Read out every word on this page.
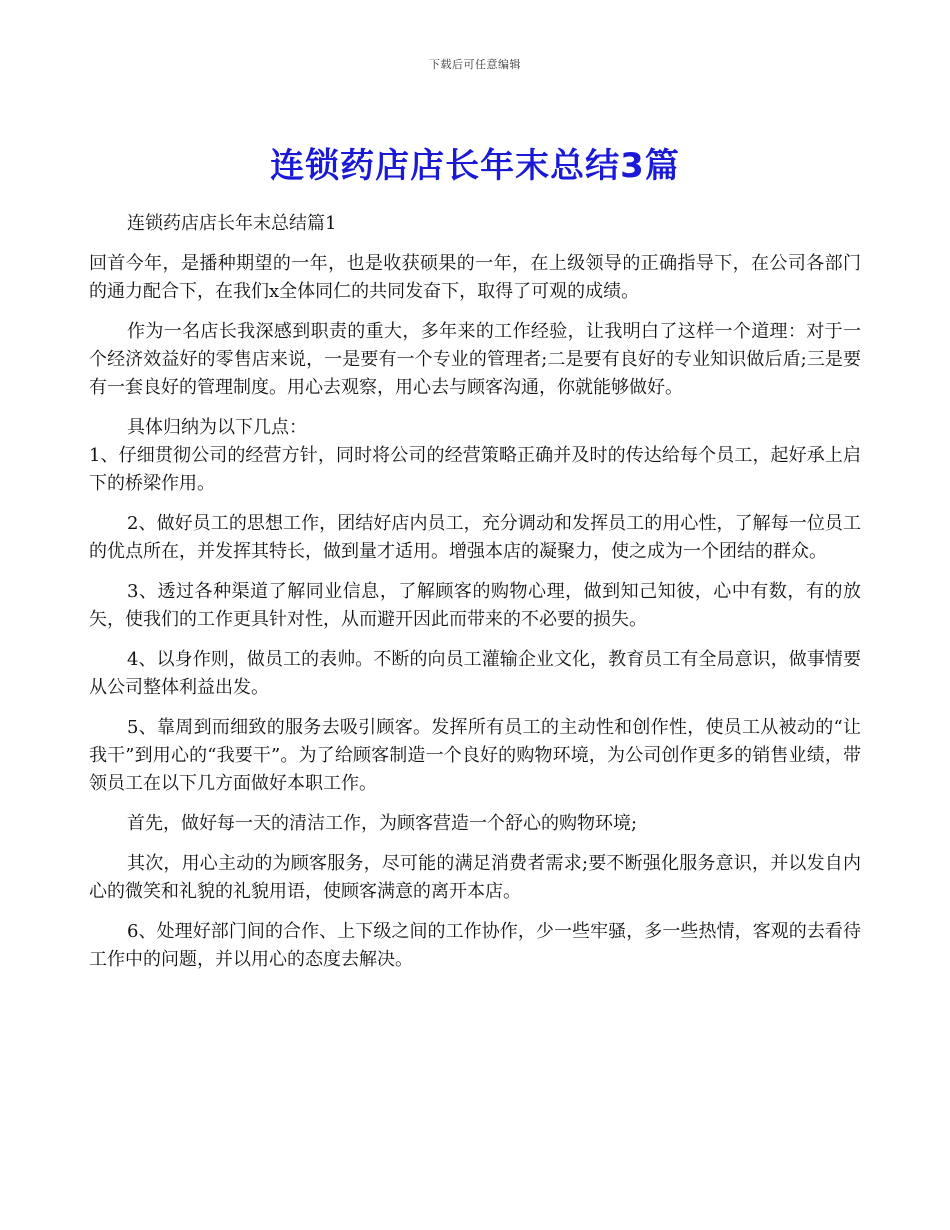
下载后可任意编辑
连锁药店店长年末总结3篇

连锁药店店长年末总结篇1

回首今年，是播种期望的一年，也是收获硕果的一年，在上级领导的正确指导下，在公司各部门的通力配合下，在我们x全体同仁的共同发奋下，取得了可观的成绩。

作为一名店长我深感到职责的重大，多年来的工作经验，让我明白了这样一个道理：对于一个经济效益好的零售店来说，一是要有一个专业的管理者;二是要有良好的专业知识做后盾;三是要有一套良好的管理制度。用心去观察，用心去与顾客沟通，你就能够做好。

具体归纳为以下几点：

1、仔细贯彻公司的经营方针，同时将公司的经营策略正确并及时的传达给每个员工，起好承上启下的桥梁作用。

2、做好员工的思想工作，团结好店内员工，充分调动和发挥员工的用心性，了解每一位员工的优点所在，并发挥其特长，做到量才适用。增强本店的凝聚力，使之成为一个团结的群众。

3、透过各种渠道了解同业信息，了解顾客的购物心理，做到知己知彼，心中有数，有的放矢，使我们的工作更具针对性，从而避开因此而带来的不必要的损失。

4、以身作则，做员工的表帅。不断的向员工灌输企业文化，教育员工有全局意识，做事情要从公司整体利益出发。

5、靠周到而细致的服务去吸引顾客。发挥所有员工的主动性和创作性，使员工从被动的“让我干”到用心的“我要干”。为了给顾客制造一个良好的购物环境，为公司创作更多的销售业绩，带领员工在以下几方面做好本职工作。

首先，做好每一天的清洁工作，为顾客营造一个舒心的购物环境;

其次，用心主动的为顾客服务，尽可能的满足消费者需求;要不断强化服务意识，并以发自内心的微笑和礼貌的礼貌用语，使顾客满意的离开本店。

6、处理好部门间的合作、上下级之间的工作协作，少一些牢骚，多一些热情，客观的去看待工作中的问题，并以用心的态度去解决。
